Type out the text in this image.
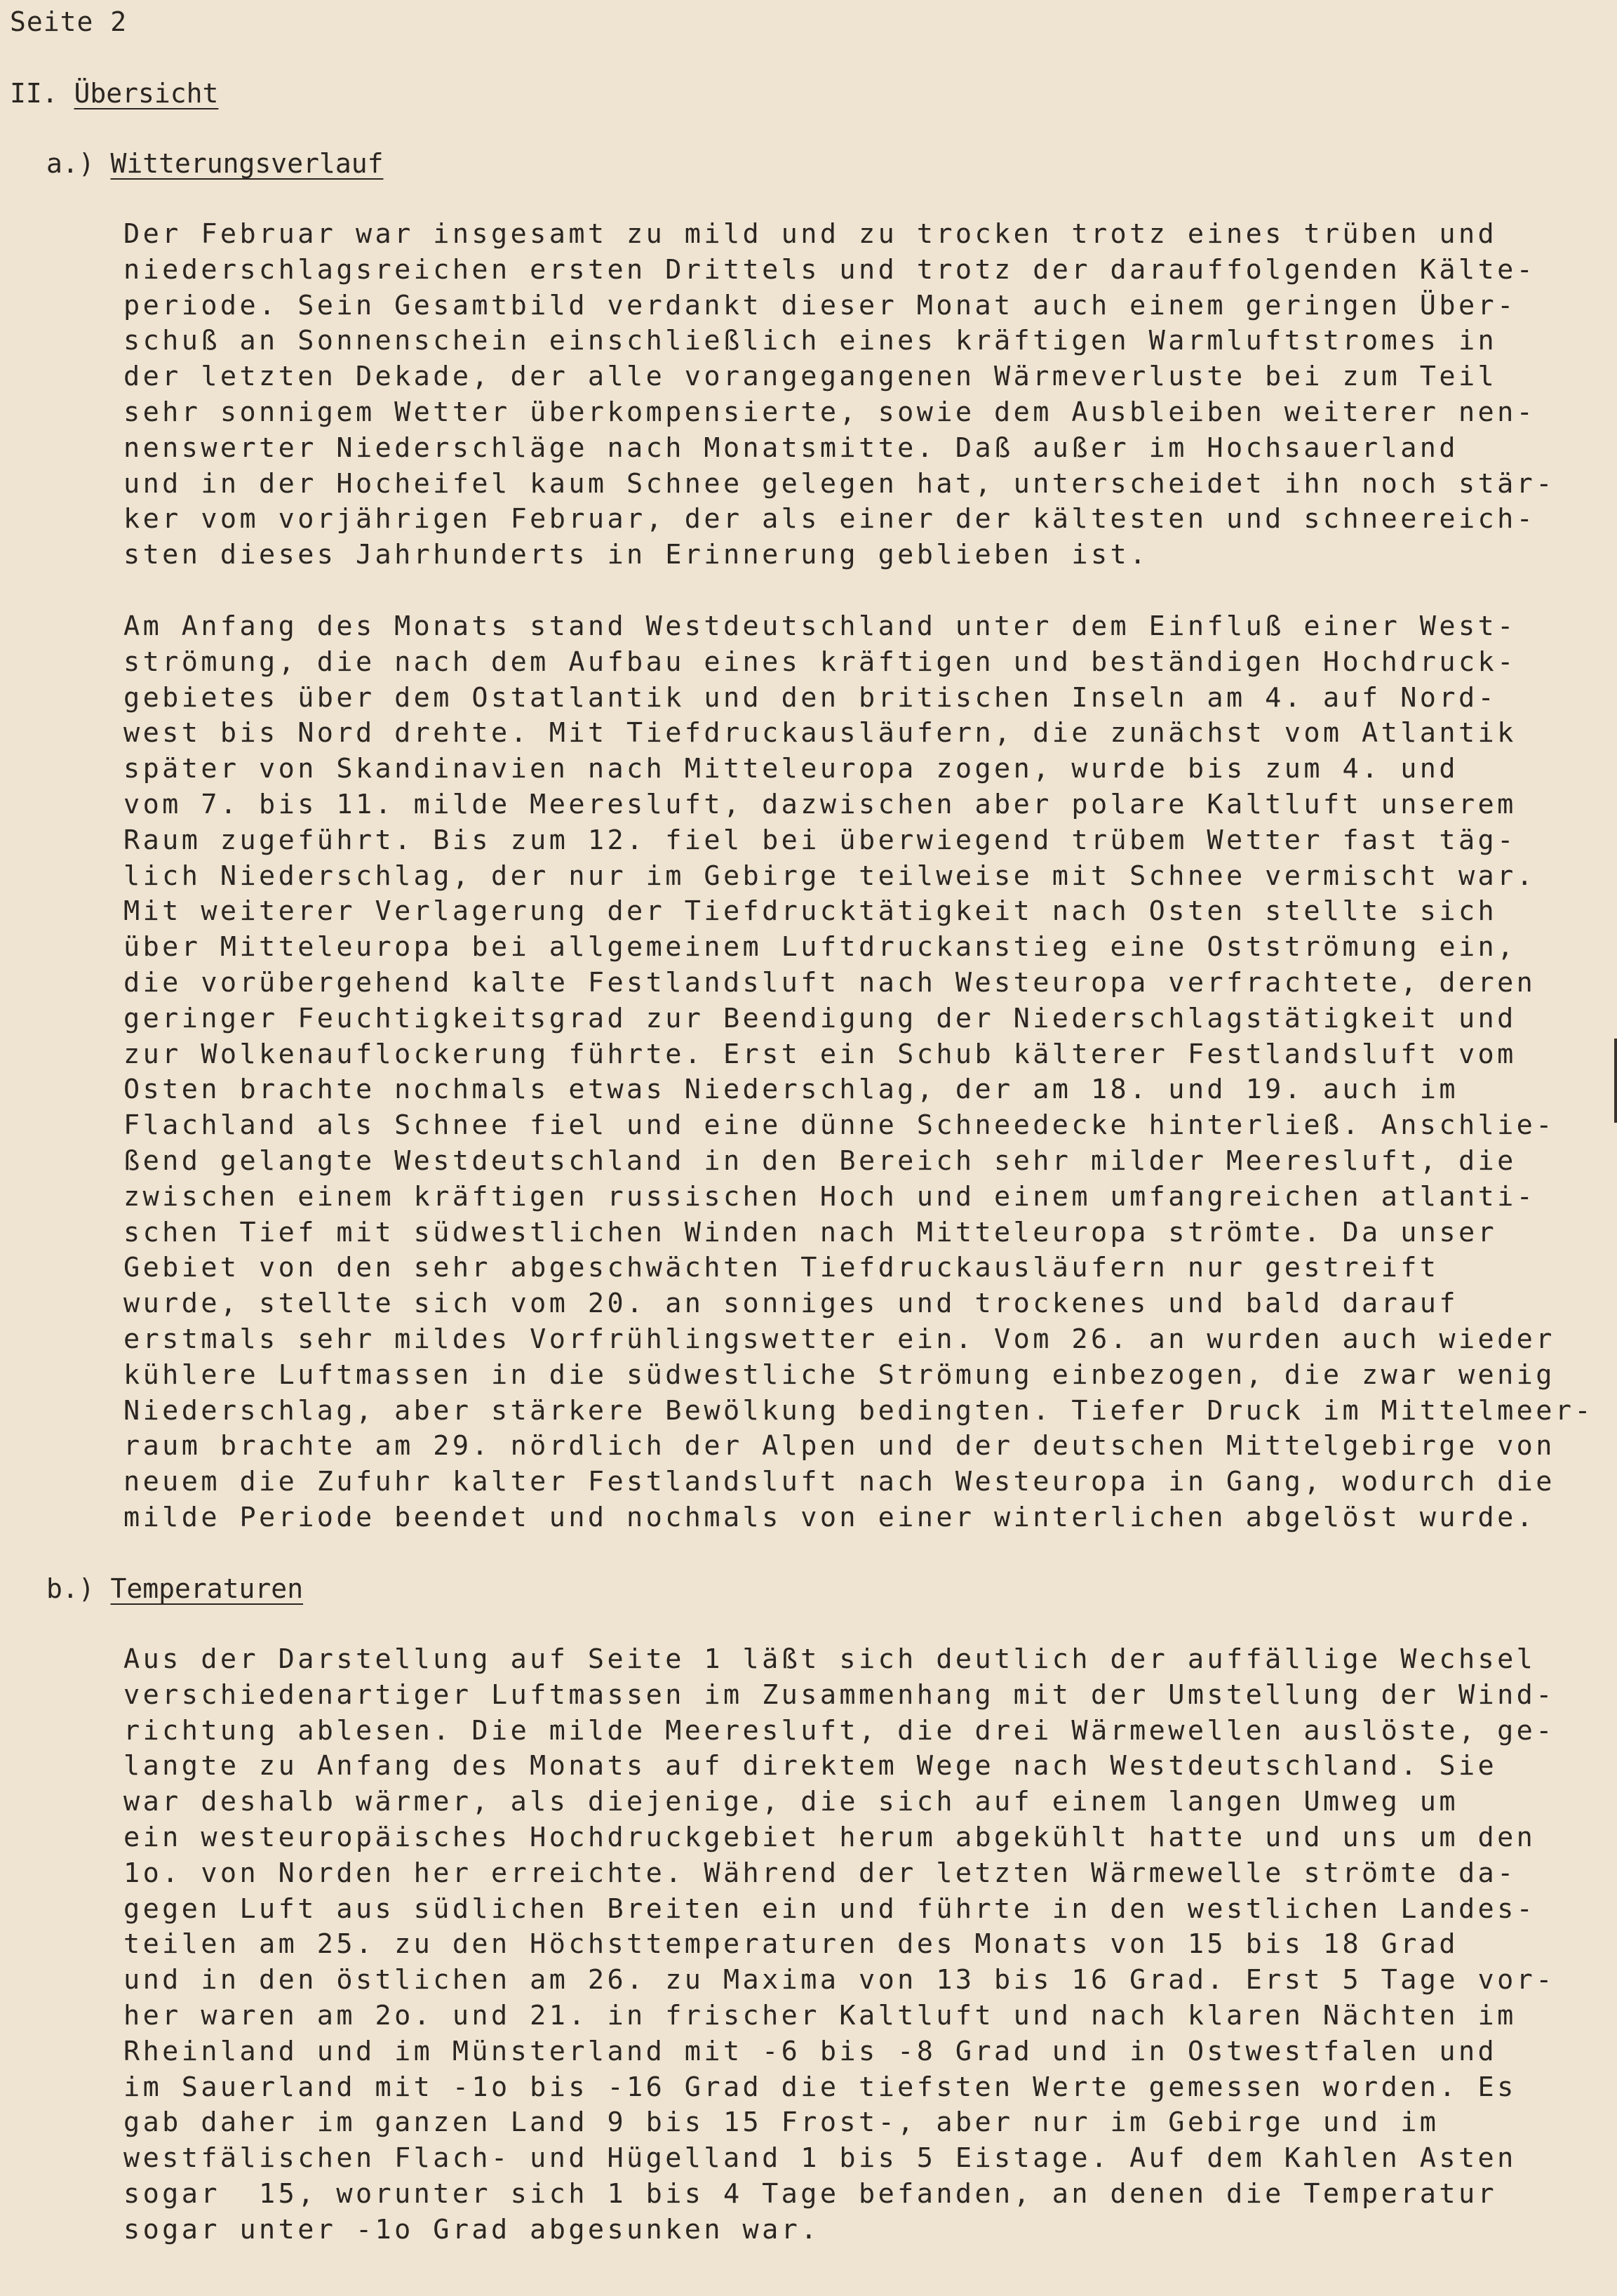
Seite 2
II. Übersicht
a.) Witterungsverlauf
Der Februar war insgesamt zu mild und zu trocken trotz eines trüben und
niederschlagsreichen ersten Drittels und trotz der darauffolgenden Kälte-
periode. Sein Gesamtbild verdankt dieser Monat auch einem geringen Über-
schuß an Sonnenschein einschließlich eines kräftigen Warmluftstromes in
der letzten Dekade, der alle vorangegangenen Wärmeverluste bei zum Teil
sehr sonnigem Wetter überkompensierte, sowie dem Ausbleiben weiterer nen-
nenswerter Niederschläge nach Monatsmitte. Daß außer im Hochsauerland
und in der Hocheifel kaum Schnee gelegen hat, unterscheidet ihn noch stär-
ker vom vorjährigen Februar, der als einer der kältesten und schneereich-
sten dieses Jahrhunderts in Erinnerung geblieben ist.
Am Anfang des Monats stand Westdeutschland unter dem Einfluß einer West-
strömung, die nach dem Aufbau eines kräftigen und beständigen Hochdruck-
gebietes über dem Ostatlantik und den britischen Inseln am 4. auf Nord-
west bis Nord drehte. Mit Tiefdruckausläufern, die zunächst vom Atlantik
später von Skandinavien nach Mitteleuropa zogen, wurde bis zum 4. und
vom 7. bis 11. milde Meeresluft, dazwischen aber polare Kaltluft unserem
Raum zugeführt. Bis zum 12. fiel bei überwiegend trübem Wetter fast täg-
lich Niederschlag, der nur im Gebirge teilweise mit Schnee vermischt war.
Mit weiterer Verlagerung der Tiefdrucktätigkeit nach Osten stellte sich
über Mitteleuropa bei allgemeinem Luftdruckanstieg eine Ostströmung ein,
die vorübergehend kalte Festlandsluft nach Westeuropa verfrachtete, deren
geringer Feuchtigkeitsgrad zur Beendigung der Niederschlagstätigkeit und
zur Wolkenauflockerung führte. Erst ein Schub kälterer Festlandsluft vom
Osten brachte nochmals etwas Niederschlag, der am 18. und 19. auch im
Flachland als Schnee fiel und eine dünne Schneedecke hinterließ. Anschlie-
ßend gelangte Westdeutschland in den Bereich sehr milder Meeresluft, die
zwischen einem kräftigen russischen Hoch und einem umfangreichen atlanti-
schen Tief mit südwestlichen Winden nach Mitteleuropa strömte. Da unser
Gebiet von den sehr abgeschwächten Tiefdruckausläufern nur gestreift
wurde, stellte sich vom 20. an sonniges und trockenes und bald darauf
erstmals sehr mildes Vorfrühlingswetter ein. Vom 26. an wurden auch wieder
kühlere Luftmassen in die südwestliche Strömung einbezogen, die zwar wenig
Niederschlag, aber stärkere Bewölkung bedingten. Tiefer Druck im Mittelmeer-
raum brachte am 29. nördlich der Alpen und der deutschen Mittelgebirge von
neuem die Zufuhr kalter Festlandsluft nach Westeuropa in Gang, wodurch die
milde Periode beendet und nochmals von einer winterlichen abgelöst wurde.
b.) Temperaturen
Aus der Darstellung auf Seite 1 läßt sich deutlich der auffällige Wechsel
verschiedenartiger Luftmassen im Zusammenhang mit der Umstellung der Wind-
richtung ablesen. Die milde Meeresluft, die drei Wärmewellen auslöste, ge-
langte zu Anfang des Monats auf direktem Wege nach Westdeutschland. Sie
war deshalb wärmer, als diejenige, die sich auf einem langen Umweg um
ein westeuropäisches Hochdruckgebiet herum abgekühlt hatte und uns um den
1o. von Norden her erreichte. Während der letzten Wärmewelle strömte da-
gegen Luft aus südlichen Breiten ein und führte in den westlichen Landes-
teilen am 25. zu den Höchsttemperaturen des Monats von 15 bis 18 Grad
und in den östlichen am 26. zu Maxima von 13 bis 16 Grad. Erst 5 Tage vor-
her waren am 2o. und 21. in frischer Kaltluft und nach klaren Nächten im
Rheinland und im Münsterland mit -6 bis -8 Grad und in Ostwestfalen und
im Sauerland mit -1o bis -16 Grad die tiefsten Werte gemessen worden. Es
gab daher im ganzen Land 9 bis 15 Frost-, aber nur im Gebirge und im
westfälischen Flach- und Hügelland 1 bis 5 Eistage. Auf dem Kahlen Asten
sogar  15, worunter sich 1 bis 4 Tage befanden, an denen die Temperatur
sogar unter -1o Grad abgesunken war.
